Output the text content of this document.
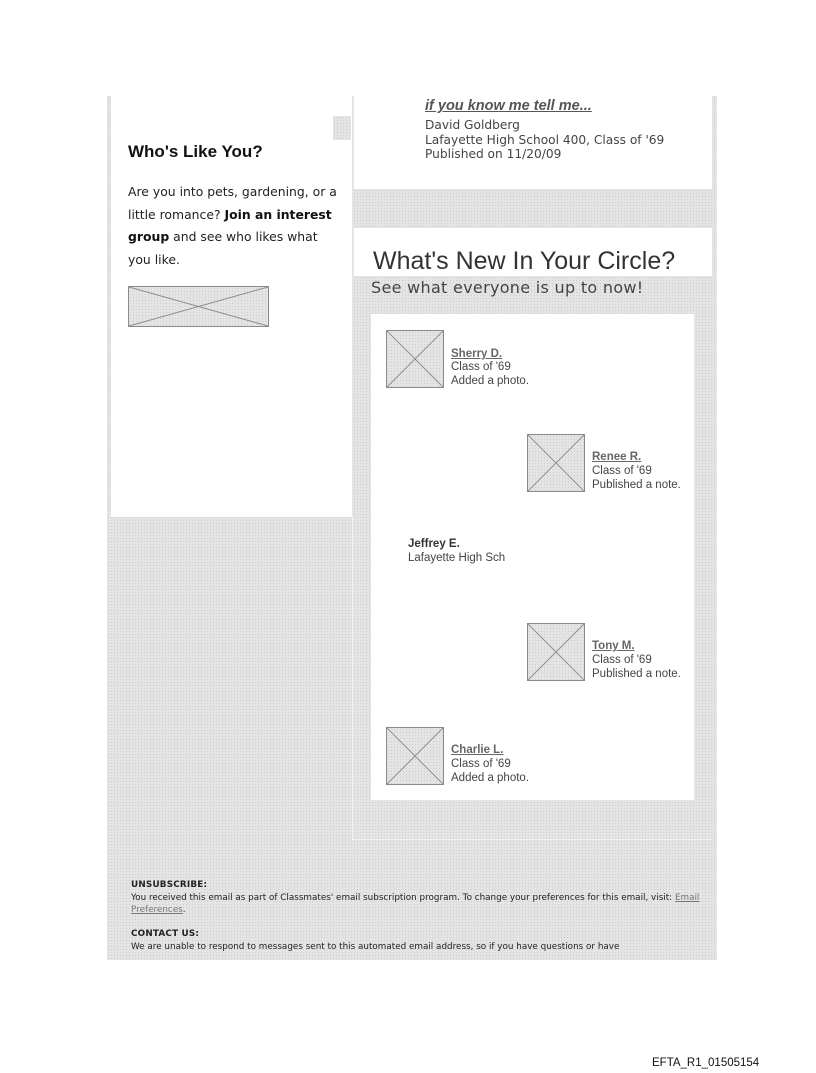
Who's Like You?

Are you into pets, gardening, or a little romance? Join an interest group and see who likes what you like.

if you know me tell me...
David Goldberg
Lafayette High School 400, Class of '69
Published on 11/20/09
What's New In Your Circle?
See what everyone is up to now!
Sherry D.
Class of '69
Added a photo.
Renee R.
Class of '69
Published a note.
Jeffrey E.
Lafayette High Sch
Tony M.
Class of '69
Published a note.
Charlie L.
Class of '69
Added a photo.
UNSUBSCRIBE:
You received this email as part of Classmates' email subscription program. To change your preferences for this email, visit: Email Preferences.
CONTACT US:
We are unable to respond to messages sent to this automated email address, so if you have questions or have
EFTA_R1_01505154
